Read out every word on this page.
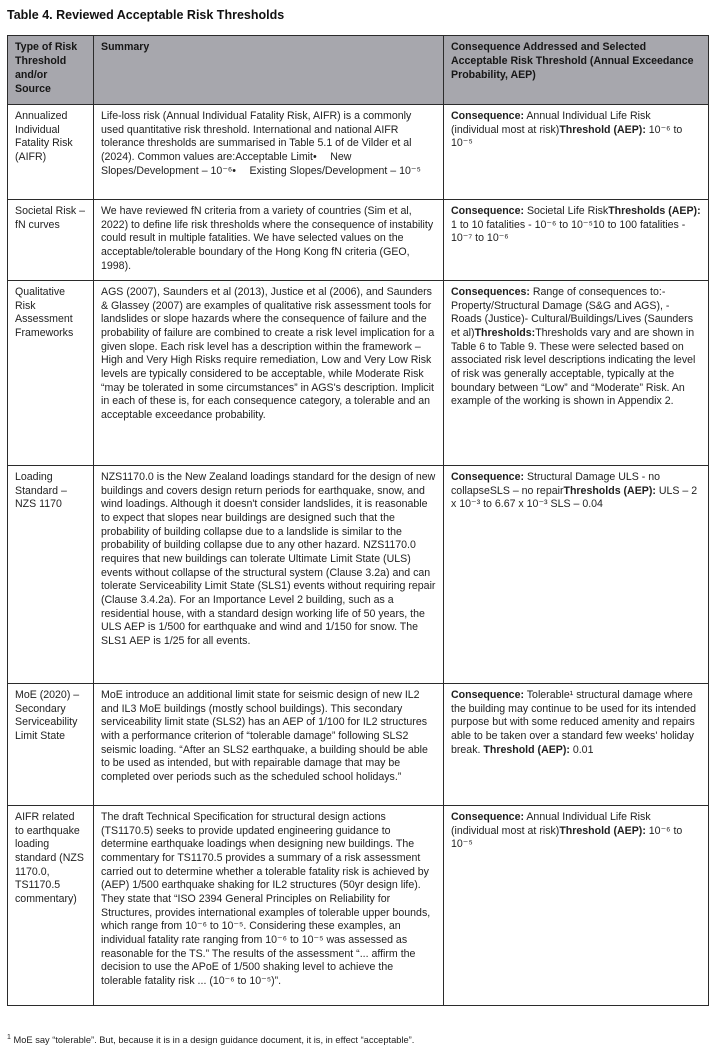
Table 4. Reviewed Acceptable Risk Thresholds
Type of Risk Threshold and/or Source	Summary	Consequence Addressed and Selected Acceptable Risk Threshold (Annual Exceedance Probability, AEP)
Annualized Individual Fatality Risk (AIFR)	Life-loss risk (Annual Individual Fatality Risk, AIFR) is a commonly used quantitative risk threshold. International and national AIFR tolerance thresholds are summarised in Table 5.1 of de Vilder et al (2024). Common values are:Acceptable Limit•  New Slopes/Development – 10⁻⁶•  Existing Slopes/Development – 10⁻⁵	Consequence: Annual Individual Life Risk (individual most at risk)Threshold (AEP): 10⁻⁶ to 10⁻⁵
Societal Risk – fN curves	We have reviewed fN criteria from a variety of countries (Sim et al, 2022) to define life risk thresholds where the consequence of instability could result in multiple fatalities. We have selected values on the acceptable/tolerable boundary of the Hong Kong fN criteria (GEO, 1998).	Consequence: Societal Life RiskThresholds (AEP): 1 to 10 fatalities - 10⁻⁶ to 10⁻⁵10 to 100 fatalities - 10⁻⁷ to 10⁻⁶
Qualitative Risk Assessment Frameworks	AGS (2007), Saunders et al (2013), Justice et al (2006), and Saunders & Glassey (2007) are examples of qualitative risk assessment tools for landslides or slope hazards where the consequence of failure and the probability of failure are combined to create a risk level implication for a given slope. Each risk level has a description within the framework – High and Very High Risks require remediation, Low and Very Low Risk levels are typically considered to be acceptable, while Moderate Risk “may be tolerated in some circumstances” in AGS's description. Implicit in each of these is, for each consequence category, a tolerable and an acceptable exceedance probability.	Consequences: Range of consequences to:- Property/Structural Damage (S&G and AGS), - Roads (Justice)- Cultural/Buildings/Lives (Saunders et al)Thresholds:Thresholds vary and are shown in Table 6 to Table 9. These were selected based on associated risk level descriptions indicating the level of risk was generally acceptable, typically at the boundary between “Low” and “Moderate” Risk. An example of the working is shown in Appendix 2.
Loading Standard – NZS 1170	NZS1170.0 is the New Zealand loadings standard for the design of new buildings and covers design return periods for earthquake, snow, and wind loadings. Although it doesn't consider landslides, it is reasonable to expect that slopes near buildings are designed such that the probability of building collapse due to a landslide is similar to the probability of building collapse due to any other hazard. NZS1170.0 requires that new buildings can tolerate Ultimate Limit State (ULS) events without collapse of the structural system (Clause 3.2a) and can tolerate Serviceability Limit State (SLS1) events without requiring repair (Clause 3.4.2a). For an Importance Level 2 building, such as a residential house, with a standard design working life of 50 years, the ULS AEP is 1/500 for earthquake and wind and 1/150 for snow. The SLS1 AEP is 1/25 for all events.	Consequence: Structural Damage ULS - no collapseSLS – no repairThresholds (AEP): ULS – 2 x 10⁻³ to 6.67 x 10⁻³ SLS – 0.04
MoE (2020) – Secondary Serviceability Limit State	MoE introduce an additional limit state for seismic design of new IL2 and IL3 MoE buildings (mostly school buildings). This secondary serviceability limit state (SLS2) has an AEP of 1/100 for IL2 structures with a performance criterion of “tolerable damage” following SLS2 seismic loading. “After an SLS2 earthquake, a building should be able to be used as intended, but with repairable damage that may be completed over periods such as the scheduled school holidays.”	Consequence: Tolerable¹ structural damage where the building may continue to be used for its intended purpose but with some reduced amenity and repairs able to be taken over a standard few weeks' holiday break. Threshold (AEP): 0.01
AIFR related to earthquake loading standard (NZS 1170.0, TS1170.5 commentary)	The draft Technical Specification for structural design actions (TS1170.5) seeks to provide updated engineering guidance to determine earthquake loadings when designing new buildings. The commentary for TS1170.5 provides a summary of a risk assessment carried out to determine whether a tolerable fatality risk is achieved by (AEP) 1/500 earthquake shaking for IL2 structures (50yr design life). They state that “ISO 2394 General Principles on Reliability for Structures, provides international examples of tolerable upper bounds, which range from 10⁻⁶ to 10⁻⁵. Considering these examples, an individual fatality rate ranging from 10⁻⁶ to 10⁻⁵ was assessed as reasonable for the TS.” The results of the assessment “... affirm the decision to use the APoE of 1/500 shaking level to achieve the tolerable fatality risk ... (10⁻⁶ to 10⁻⁵)”.	Consequence: Annual Individual Life Risk (individual most at risk)Threshold (AEP): 10⁻⁶ to 10⁻⁵

$^1$ MoE say “tolerable”. But, because it is in a design guidance document, it is, in effect “acceptable”.
